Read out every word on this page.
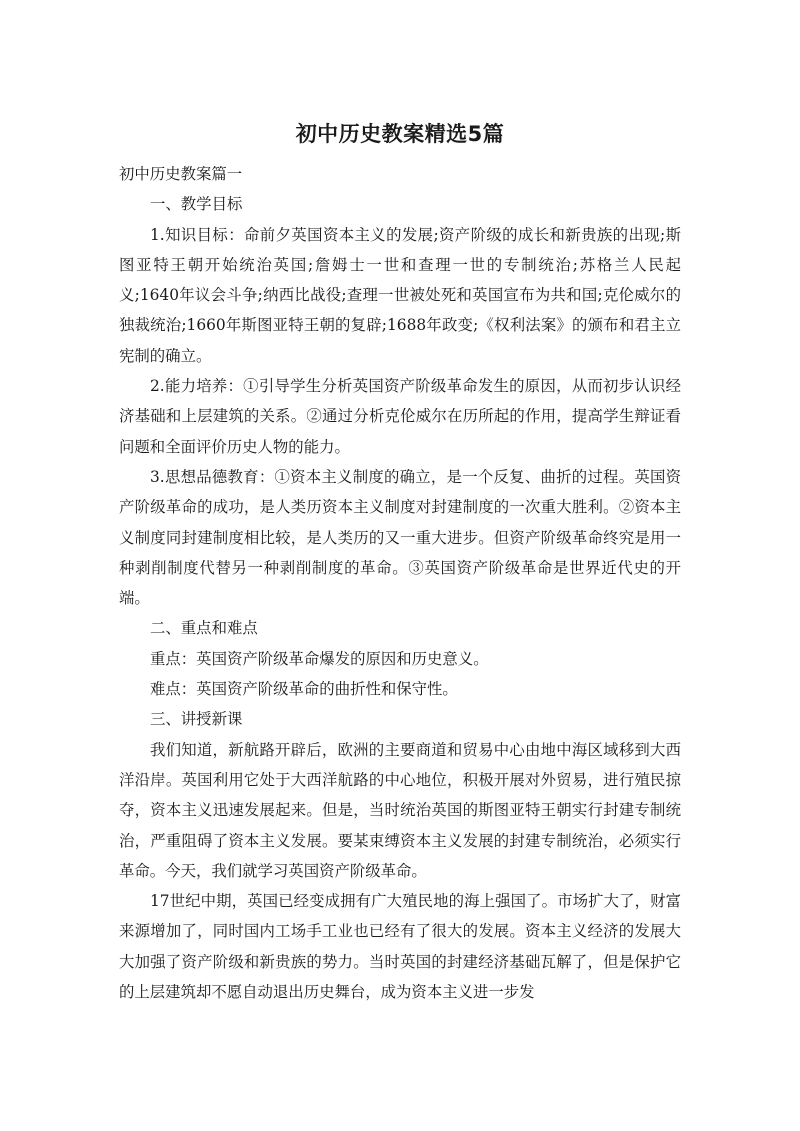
初中历史教案精选5篇

初中历史教案篇一

一、教学目标

1.知识目标：命前夕英国资本主义的发展;资产阶级的成长和新贵族的出现;斯图亚特王朝开始统治英国;詹姆士一世和查理一世的专制统治;苏格兰人民起义;1640年议会斗争;纳西比战役;查理一世被处死和英国宣布为共和国;克伦威尔的独裁统治;1660年斯图亚特王朝的复辟;1688年政变;《权利法案》的颁布和君主立宪制的确立。

2.能力培养：①引导学生分析英国资产阶级革命发生的原因，从而初步认识经济基础和上层建筑的关系。②通过分析克伦威尔在历所起的作用，提高学生辩证看问题和全面评价历史人物的能力。

3.思想品德教育：①资本主义制度的确立，是一个反复、曲折的过程。英国资产阶级革命的成功，是人类历资本主义制度对封建制度的一次重大胜利。②资本主义制度同封建制度相比较，是人类历的又一重大进步。但资产阶级革命终究是用一种剥削制度代替另一种剥削制度的革命。③英国资产阶级革命是世界近代史的开端。

二、重点和难点

重点：英国资产阶级革命爆发的原因和历史意义。

难点：英国资产阶级革命的曲折性和保守性。

三、讲授新课

我们知道，新航路开辟后，欧洲的主要商道和贸易中心由地中海区域移到大西洋沿岸。英国利用它处于大西洋航路的中心地位，积极开展对外贸易，进行殖民掠夺，资本主义迅速发展起来。但是，当时统治英国的斯图亚特王朝实行封建专制统治，严重阻碍了资本主义发展。要某束缚资本主义发展的封建专制统治，必须实行革命。今天，我们就学习英国资产阶级革命。

17世纪中期，英国已经变成拥有广大殖民地的海上强国了。市场扩大了，财富来源增加了，同时国内工场手工业也已经有了很大的发展。资本主义经济的发展大大加强了资产阶级和新贵族的势力。当时英国的封建经济基础瓦解了，但是保护它的上层建筑却不愿自动退出历史舞台，成为资本主义进一步发
